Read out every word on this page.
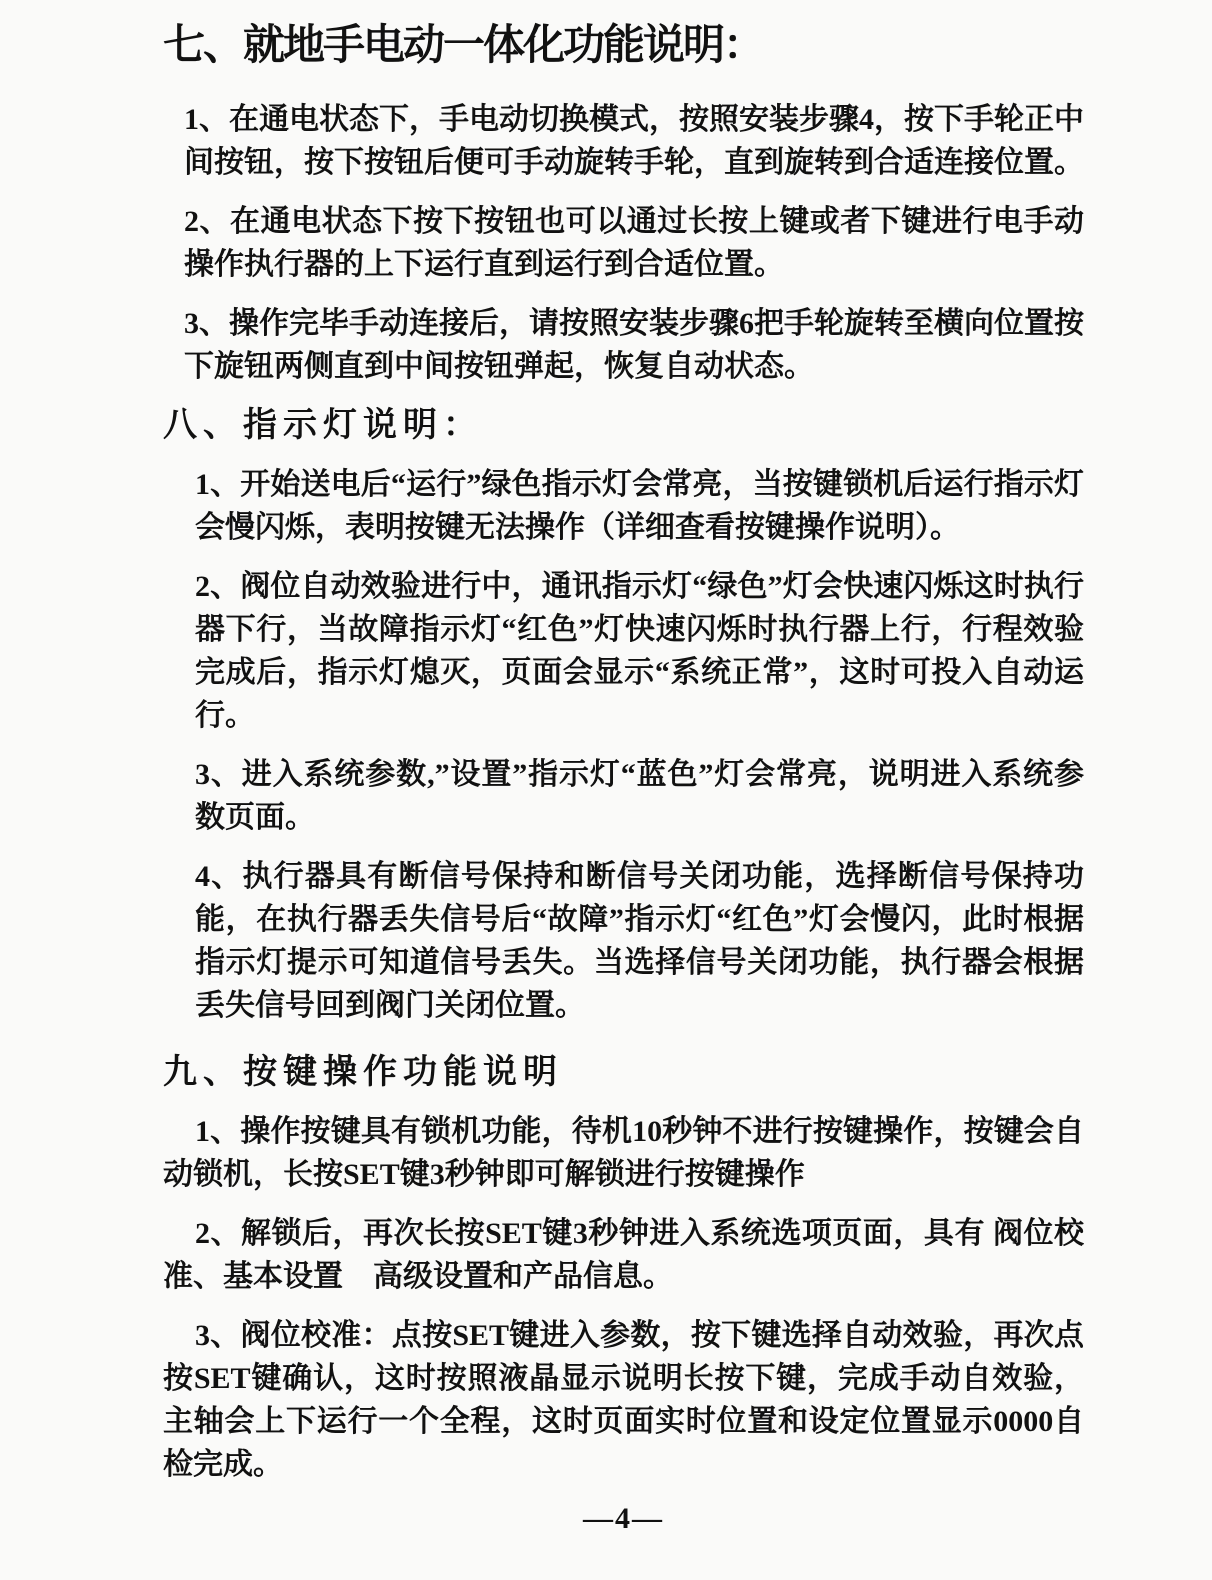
七、就地手电动一体化功能说明：

1、在通电状态下，手电动切换模式，按照安装步骤4，按下手轮正中间按钮，按下按钮后便可手动旋转手轮，直到旋转到合适连接位置。

2、在通电状态下按下按钮也可以通过长按上键或者下键进行电手动操作执行器的上下运行直到运行到合适位置。

3、操作完毕手动连接后，请按照安装步骤6把手轮旋转至横向位置按下旋钮两侧直到中间按钮弹起，恢复自动状态。

八、指示灯说明：

1、开始送电后“运行”绿色指示灯会常亮，当按键锁机后运行指示灯会慢闪烁，表明按键无法操作（详细查看按键操作说明）。

2、阀位自动效验进行中，通讯指示灯“绿色”灯会快速闪烁这时执行器下行，当故障指示灯“红色”灯快速闪烁时执行器上行，行程效验完成后，指示灯熄灭，页面会显示“系统正常”，这时可投入自动运行。

3、进入系统参数,”设置”指示灯“蓝色”灯会常亮，说明进入系统参数页面。

4、执行器具有断信号保持和断信号关闭功能，选择断信号保持功能，在执行器丢失信号后“故障”指示灯“红色”灯会慢闪，此时根据指示灯提示可知道信号丢失。当选择信号关闭功能，执行器会根据丢失信号回到阀门关闭位置。

九、按键操作功能说明

1、操作按键具有锁机功能，待机10秒钟不进行按键操作，按键会自动锁机，长按SET键3秒钟即可解锁进行按键操作

2、解锁后，再次长按SET键3秒钟进入系统选项页面，具有 阀位校准、基本设置　高级设置和产品信息。

3、阀位校准：点按SET键进入参数，按下键选择自动效验，再次点按SET键确认，这时按照液晶显示说明长按下键，完成手动自效验，主轴会上下运行一个全程，这时页面实时位置和设定位置显示0000自检完成。

—4—
